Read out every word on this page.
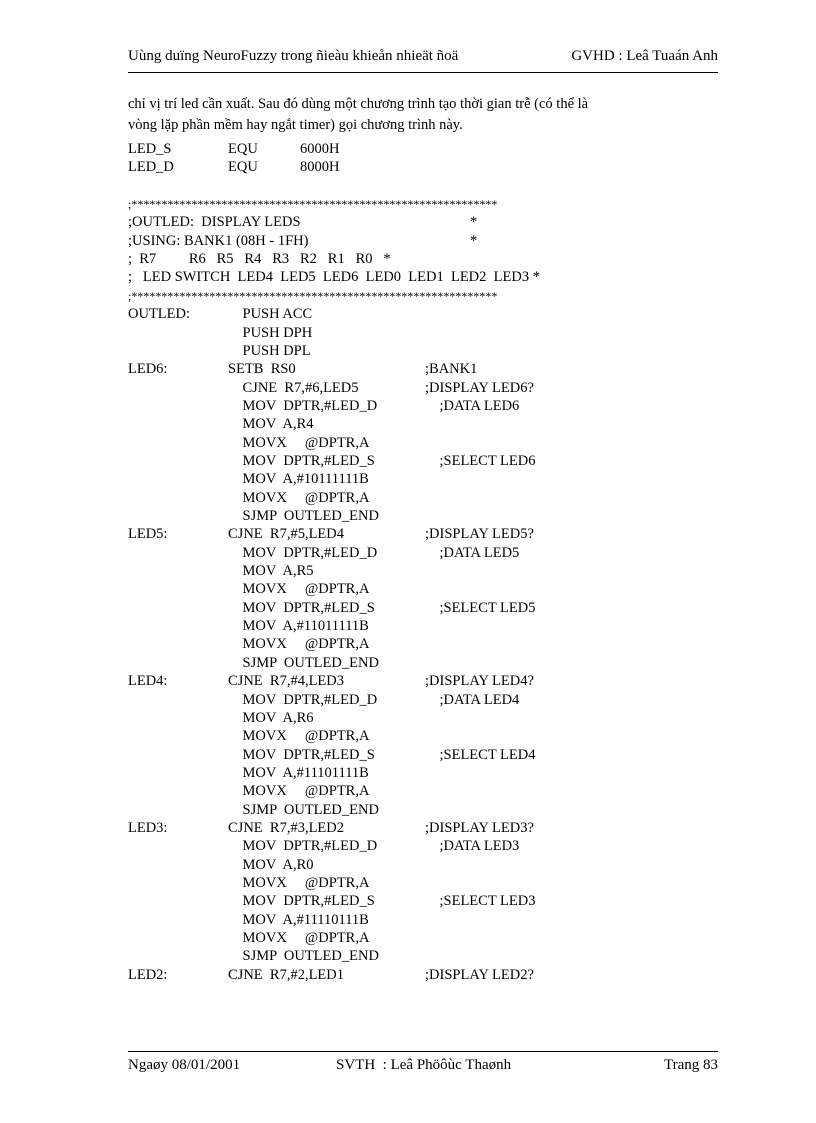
Uùng duïng NeuroFuzzy trong ñieàu khieån nhieät ñoä	GVHD : Leâ Tuaán Anh
chỉ vị trí led cần xuất. Sau đó dùng một chương trình tạo thời gian trễ (có thể là
vòng lặp phần mềm hay ngắt timer) gọi chương trình này.
LED_S	EQU	6000H
LED_D	EQU	8000H
;*************************************************************
;OUTLED:  DISPLAY LEDS	*
;USING: BANK1 (08H - 1FH)	*
;  R7         R6   R5   R4   R3   R2   R1   R0   *
;   LED SWITCH  LED4  LED5  LED6  LED0  LED1  LED2  LED3 *
;*************************************************************
OUTLED:	PUSH ACC
PUSH DPH
PUSH DPL
LED6:	SETB  RS0	;BANK1
CJNE  R7,#6,LED5	;DISPLAY LED6?
MOV  DPTR,#LED_D	;DATA LED6
MOV  A,R4
MOVX     @DPTR,A
MOV  DPTR,#LED_S	;SELECT LED6
MOV  A,#10111111B
MOVX     @DPTR,A
SJMP  OUTLED_END
LED5:	CJNE  R7,#5,LED4	;DISPLAY LED5?
MOV  DPTR,#LED_D	;DATA LED5
MOV  A,R5
MOVX     @DPTR,A
MOV  DPTR,#LED_S	;SELECT LED5
MOV  A,#11011111B
MOVX     @DPTR,A
SJMP  OUTLED_END
LED4:	CJNE  R7,#4,LED3	;DISPLAY LED4?
MOV  DPTR,#LED_D	;DATA LED4
MOV  A,R6
MOVX     @DPTR,A
MOV  DPTR,#LED_S	;SELECT LED4
MOV  A,#11101111B
MOVX     @DPTR,A
SJMP  OUTLED_END
LED3:	CJNE  R7,#3,LED2	;DISPLAY LED3?
MOV  DPTR,#LED_D	;DATA LED3
MOV  A,R0
MOVX     @DPTR,A
MOV  DPTR,#LED_S	;SELECT LED3
MOV  A,#11110111B
MOVX     @DPTR,A
SJMP  OUTLED_END
LED2:	CJNE  R7,#2,LED1	;DISPLAY LED2?
Ngaøy 08/01/2001	SVTH  : Leâ Phöôùc Thaønh	Trang 83
